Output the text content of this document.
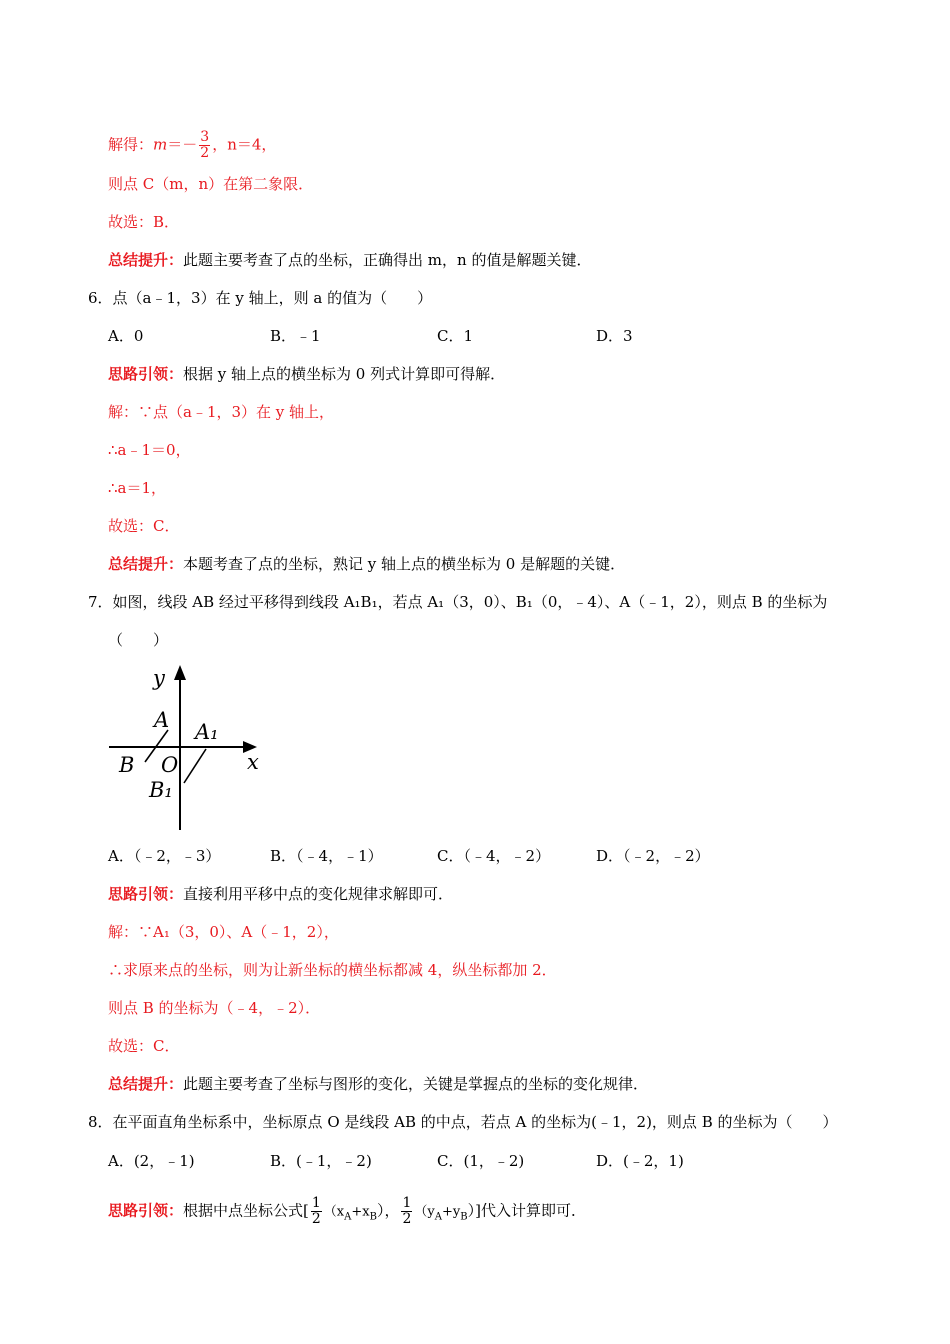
解得：$m=- \frac{3}{2}$ ，n＝4，
则点 C（m，n）在第二象限．
故选：B．
总结提升：此题主要考查了点的坐标，正确得出 m，n 的值是解题关键．
6．点（a﹣1，3）在 y 轴上，则 a 的值为（　　）
A．0	B．﹣1	C．1	D．3
思路引领：根据 y 轴上点的横坐标为 0 列式计算即可得解．
解：∵点（a﹣1，3）在 y 轴上，
∴a﹣1＝0，
∴a＝1，
故选：C．
总结提升：本题考查了点的坐标，熟记 y 轴上点的横坐标为 0 是解题的关键．
7．如图，线段 AB 经过平移得到线段 A₁B₁，若点 A₁（3，0）、B₁（0，﹣4）、A（﹣1，2），则点 B 的坐标为
（　　）
y
x
A A₁
B O
B₁
A．（﹣2，﹣3）	B．（﹣4，﹣1）	C．（﹣4，﹣2）	D．（﹣2，﹣2）
思路引领：直接利用平移中点的变化规律求解即可．
解：∵A₁（3，0）、A（﹣1，2），
∴求原来点的坐标，则为让新坐标的横坐标都减 4，纵坐标都加 2．
则点 B 的坐标为（﹣4，﹣2）．
故选：C．
总结提升：此题主要考查了坐标与图形的变化，关键是掌握点的坐标的变化规律．
8．在平面直角坐标系中，坐标原点 O 是线段 AB 的中点，若点 A 的坐标为(﹣1，2)，则点 B 的坐标为（　　）
A．(2，﹣1)	B．(﹣1，﹣2)	C．(1，﹣2)	D．(﹣2，1)
思路引领：根据中点坐标公式[ $\frac{1}{2} (x_A+x_B)$， $\frac{1}{2} (y_A+y_B)$]代入计算即可．
